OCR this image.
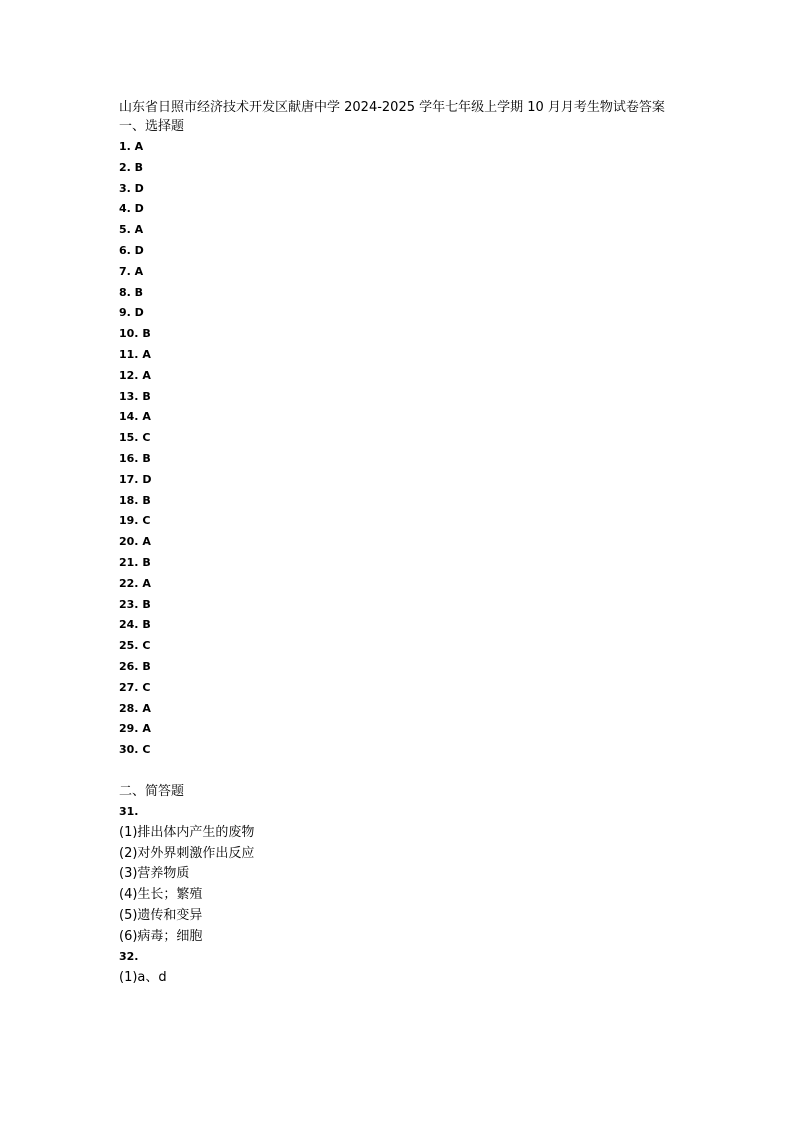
山东省日照市经济技术开发区献唐中学 2024-2025 学年七年级上学期 10 月月考生物试卷答案
一、选择题
1. A
2. B
3. D
4. D
5. A
6. D
7. A
8. B
9. D
10. B
11. A
12. A
13. B
14. A
15. C
16. B
17. D
18. B
19. C
20. A
21. B
22. A
23. B
24. B
25. C
26. B
27. C
28. A
29. A
30. C
二、简答题
31.
(1)排出体内产生的废物
(2)对外界刺激作出反应
(3)营养物质
(4)生长；繁殖
(5)遗传和变异
(6)病毒；细胞
32.
(1)a、d
